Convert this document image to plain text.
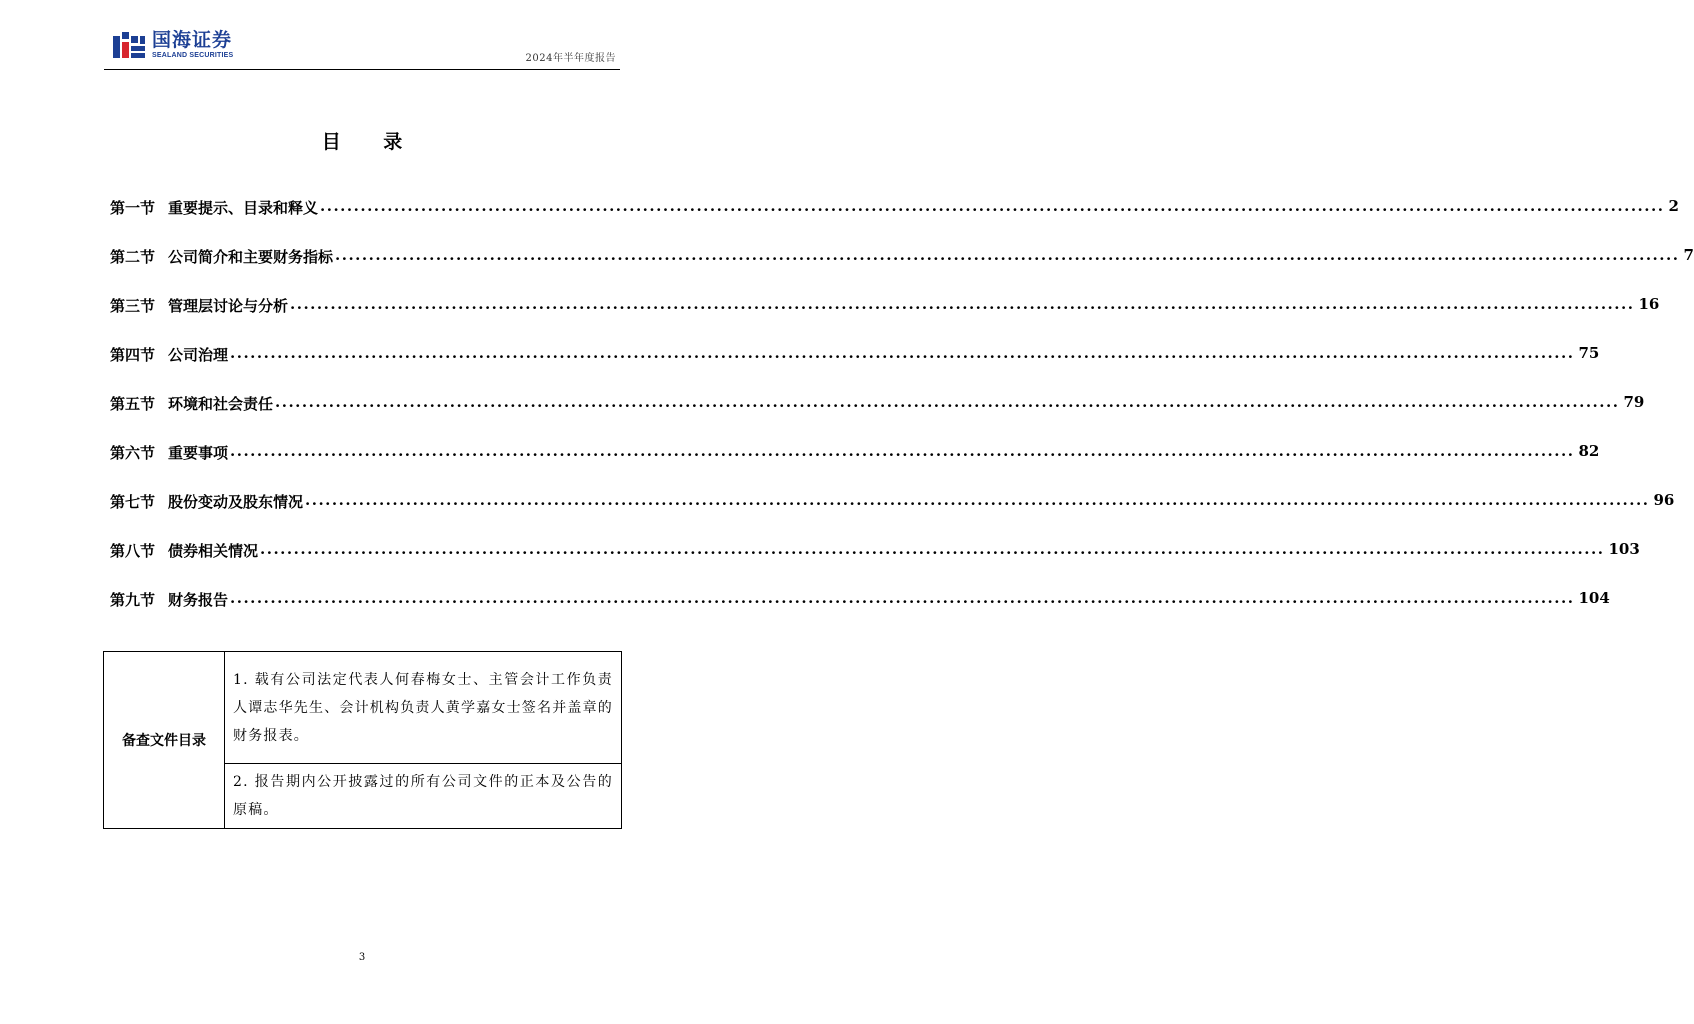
国海证券
SEALAND SECURITIES	2024年半年度报告
目 录
第一节 重要提示、目录和释义 ........................................................................................................................................................................................................ 2
第二节 公司简介和主要财务指标 ........................................................................................................................................................................................................ 7
第三节 管理层讨论与分析 ........................................................................................................................................................................................................ 16
第四节 公司治理 ........................................................................................................................................................................................................ 75
第五节 环境和社会责任 ........................................................................................................................................................................................................ 79
第六节 重要事项 ........................................................................................................................................................................................................ 82
第七节 股份变动及股东情况 ........................................................................................................................................................................................................ 96
第八节 债券相关情况 ........................................................................................................................................................................................................ 103
第九节 财务报告 ........................................................................................................................................................................................................ 104
备查文件目录	1. 载有公司法定代表人何春梅女士、主管会计工作负责人谭志华先生、会计机构负责人黄学嘉女士签名并盖章的财务报表。
2. 报告期内公开披露过的所有公司文件的正本及公告的原稿。
3
